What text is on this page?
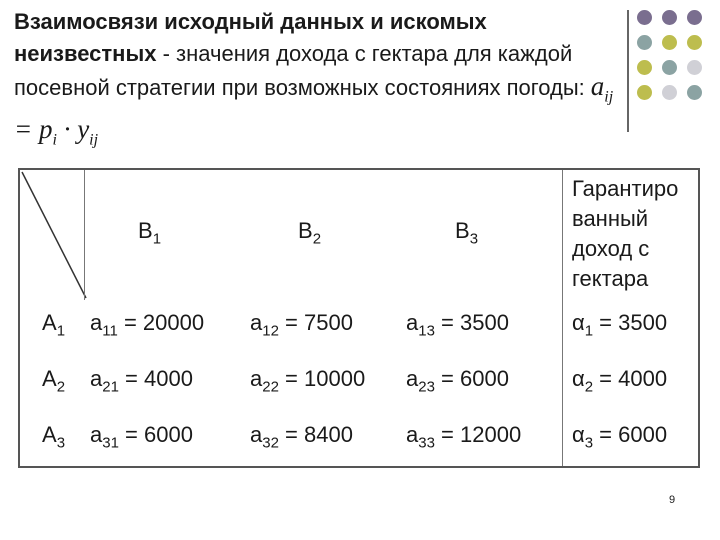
Взаимосвязи исходный данных и искомых неизвестных - значения дохода с гектара для каждой посевной стратегии при возможных состояниях погоды: $a_{ij} = p_i \cdot y_{ij}$
$B_1$	$B_2$	$B_3$
Гарантиро
ванный
доход с
гектара
$A_1$ $a_{11} = 20000$ $a_{12} = 7500$ $a_{13} = 3500$	$\alpha_1 = 3500$
$A_2$ $a_{21} = 4000$	$a_{22} = 10000$ $a_{23} = 6000$	$\alpha_2 = 4000$
$A_3$ $a_{31} = 6000$	$a_{32} = 8400$ $a_{33} = 12000$ $\alpha_3 = 6000$
9
